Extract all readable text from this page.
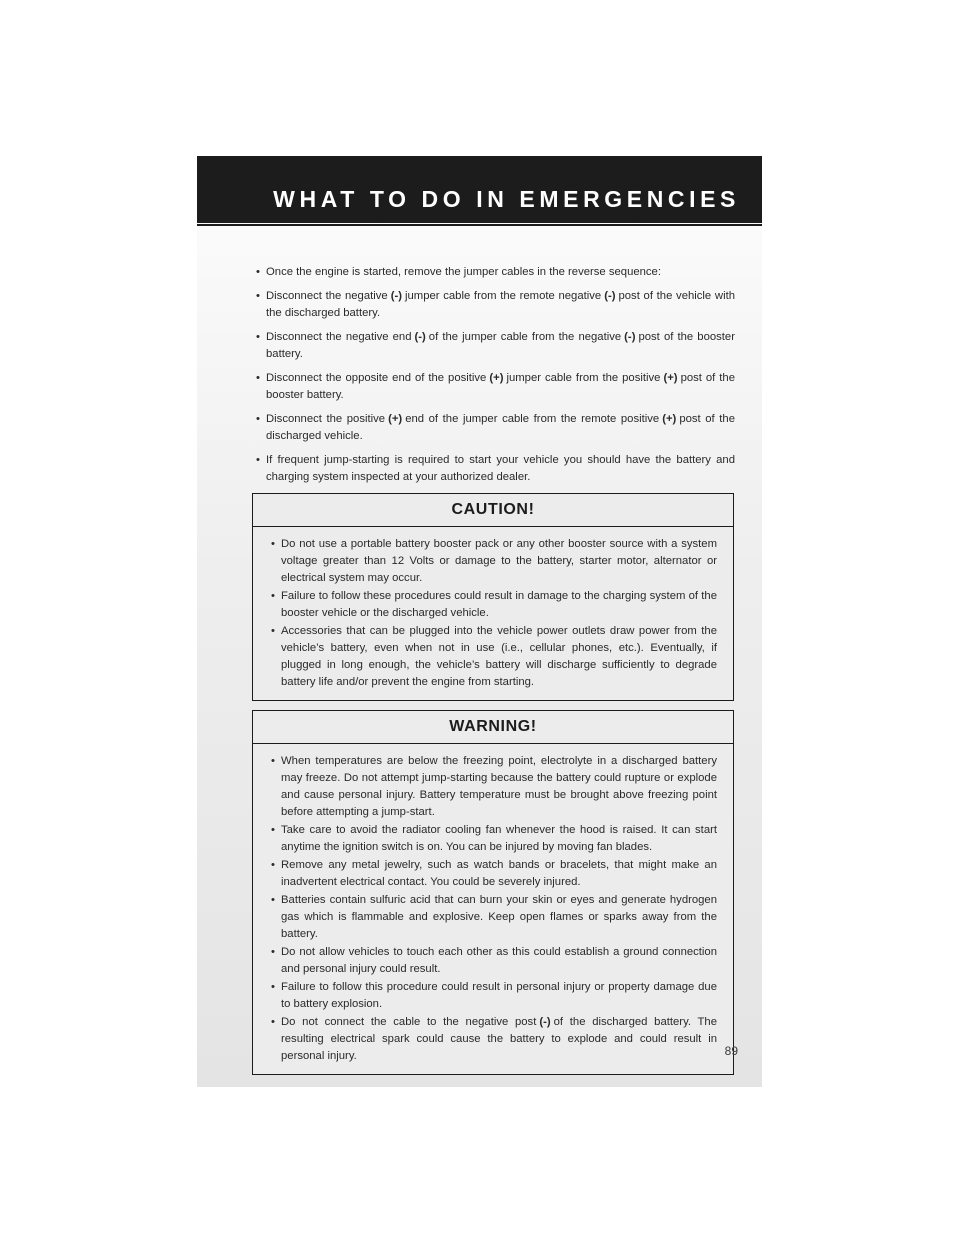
WHAT TO DO IN EMERGENCIES
• Once the engine is started, remove the jumper cables in the reverse sequence:
• Disconnect the negative (-) jumper cable from the remote negative (-) post of the vehicle with the discharged battery.
• Disconnect the negative end (-) of the jumper cable from the negative (-) post of the booster battery.
• Disconnect the opposite end of the positive (+) jumper cable from the positive (+) post of the booster battery.
• Disconnect the positive (+) end of the jumper cable from the remote positive (+) post of the discharged vehicle.
• If frequent jump-starting is required to start your vehicle you should have the battery and charging system inspected at your authorized dealer.
CAUTION!
• Do not use a portable battery booster pack or any other booster source with a system voltage greater than 12 Volts or damage to the battery, starter motor, alternator or electrical system may occur.
• Failure to follow these procedures could result in damage to the charging system of the booster vehicle or the discharged vehicle.
• Accessories that can be plugged into the vehicle power outlets draw power from the vehicle’s battery, even when not in use (i.e., cellular phones, etc.). Eventually, if plugged in long enough, the vehicle’s battery will discharge sufficiently to degrade battery life and/or prevent the engine from starting.
WARNING!
• When temperatures are below the freezing point, electrolyte in a discharged battery may freeze. Do not attempt jump-starting because the battery could rupture or explode and cause personal injury. Battery temperature must be brought above freezing point before attempting a jump-start.
• Take care to avoid the radiator cooling fan whenever the hood is raised. It can start anytime the ignition switch is on. You can be injured by moving fan blades.
• Remove any metal jewelry, such as watch bands or bracelets, that might make an inadvertent electrical contact. You could be severely injured.
• Batteries contain sulfuric acid that can burn your skin or eyes and generate hydrogen gas which is flammable and explosive. Keep open flames or sparks away from the battery.
• Do not allow vehicles to touch each other as this could establish a ground connection and personal injury could result.
• Failure to follow this procedure could result in personal injury or property damage due to battery explosion.
• Do not connect the cable to the negative post (-) of the discharged battery. The resulting electrical spark could cause the battery to explode and could result in personal injury.	89
